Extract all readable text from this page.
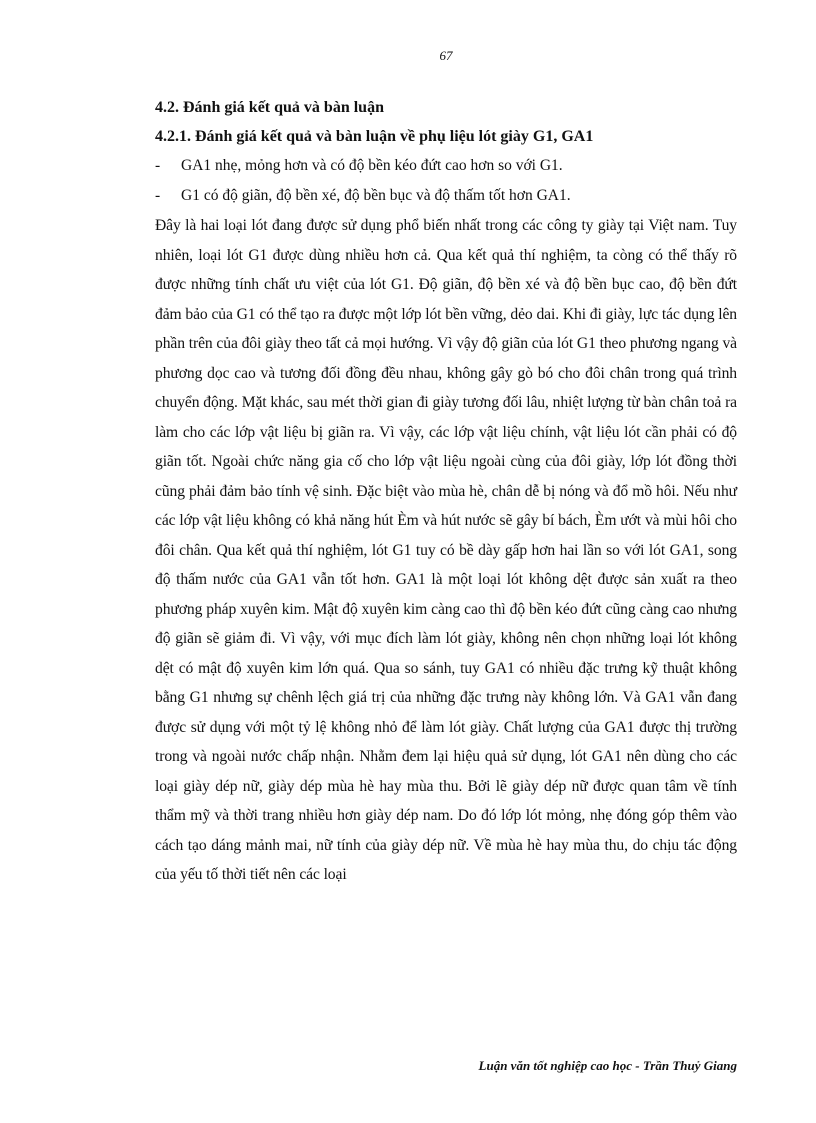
67
4.2. Đánh giá kết quả và bàn luận
4.2.1. Đánh giá kết quả và bàn luận về phụ liệu lót giày G1, GA1
-	GA1 nhẹ, mỏng hơn và có độ bền kéo đứt cao hơn so với G1.
-	G1 có độ giãn, độ bền xé, độ bền bục và độ thấm tốt hơn GA1.

Đây là hai loại lót đang được sử dụng phổ biến nhất trong các công ty giày tại Việt nam. Tuy nhiên, loại lót G1 được dùng nhiều hơn cả. Qua kết quả thí nghiệm, ta còng có thể thấy rõ được những tính chất ưu việt của lót G1. Độ giãn, độ bền xé và độ bền bục cao, độ bền đứt đảm bảo của G1 có thể tạo ra được một lớp lót bền vững, dẻo dai. Khi đi giày, lực tác dụng lên phần trên của đôi giày theo tất cả mọi hướng. Vì vậy độ giãn của lót G1 theo phương ngang và phương dọc cao và tương đối đồng đều nhau, không gây gò bó cho đôi chân trong quá trình chuyển động. Mặt khác, sau mét thời gian đi giày tương đối lâu, nhiệt lượng từ bàn chân toả ra làm cho các lớp vật liệu bị giãn ra. Vì vậy, các lớp vật liệu chính, vật liệu lót cần phải có độ giãn tốt. Ngoài chức năng gia cố cho lớp vật liệu ngoài cùng của đôi giày, lớp lót đồng thời cũng phải đảm bảo tính vệ sinh. Đặc biệt vào mùa hè, chân dễ bị nóng và đổ mồ hôi. Nếu như các lớp vật liệu không có khả năng hút Èm và hút nước sẽ gây bí bách, Èm ướt và mùi hôi cho đôi chân. Qua kết quả thí nghiệm, lót G1 tuy có bề dày gấp hơn hai lần so với lót GA1, song độ thấm nước của GA1 vẫn tốt hơn. GA1 là một loại lót không dệt được sản xuất ra theo phương pháp xuyên kim. Mật độ xuyên kim càng cao thì độ bền kéo đứt cũng càng cao nhưng độ giãn sẽ giảm đi. Vì vậy, với mục đích làm lót giày, không nên chọn những loại lót không dệt có mật độ xuyên kim lớn quá. Qua so sánh, tuy GA1 có nhiều đặc trưng kỹ thuật không bằng G1 nhưng sự chênh lệch giá trị của những đặc trưng này không lớn. Và GA1 vẫn đang được sử dụng với một tỷ lệ không nhỏ để làm lót giày. Chất lượng của GA1 được thị trường trong và ngoài nước chấp nhận. Nhằm đem lại hiệu quả sử dụng, lót GA1 nên dùng cho các loại giày dép nữ, giày dép mùa hè hay mùa thu. Bởi lẽ giày dép nữ được quan tâm về tính thẩm mỹ và thời trang nhiều hơn giày dép nam. Do đó lớp lót mỏng, nhẹ đóng góp thêm vào cách tạo dáng mảnh mai, nữ tính của giày dép nữ. Về mùa hè hay mùa thu, do chịu tác động của yếu tố thời tiết nên các loại

Luận văn tốt nghiệp cao học - Trần Thuỷ Giang
